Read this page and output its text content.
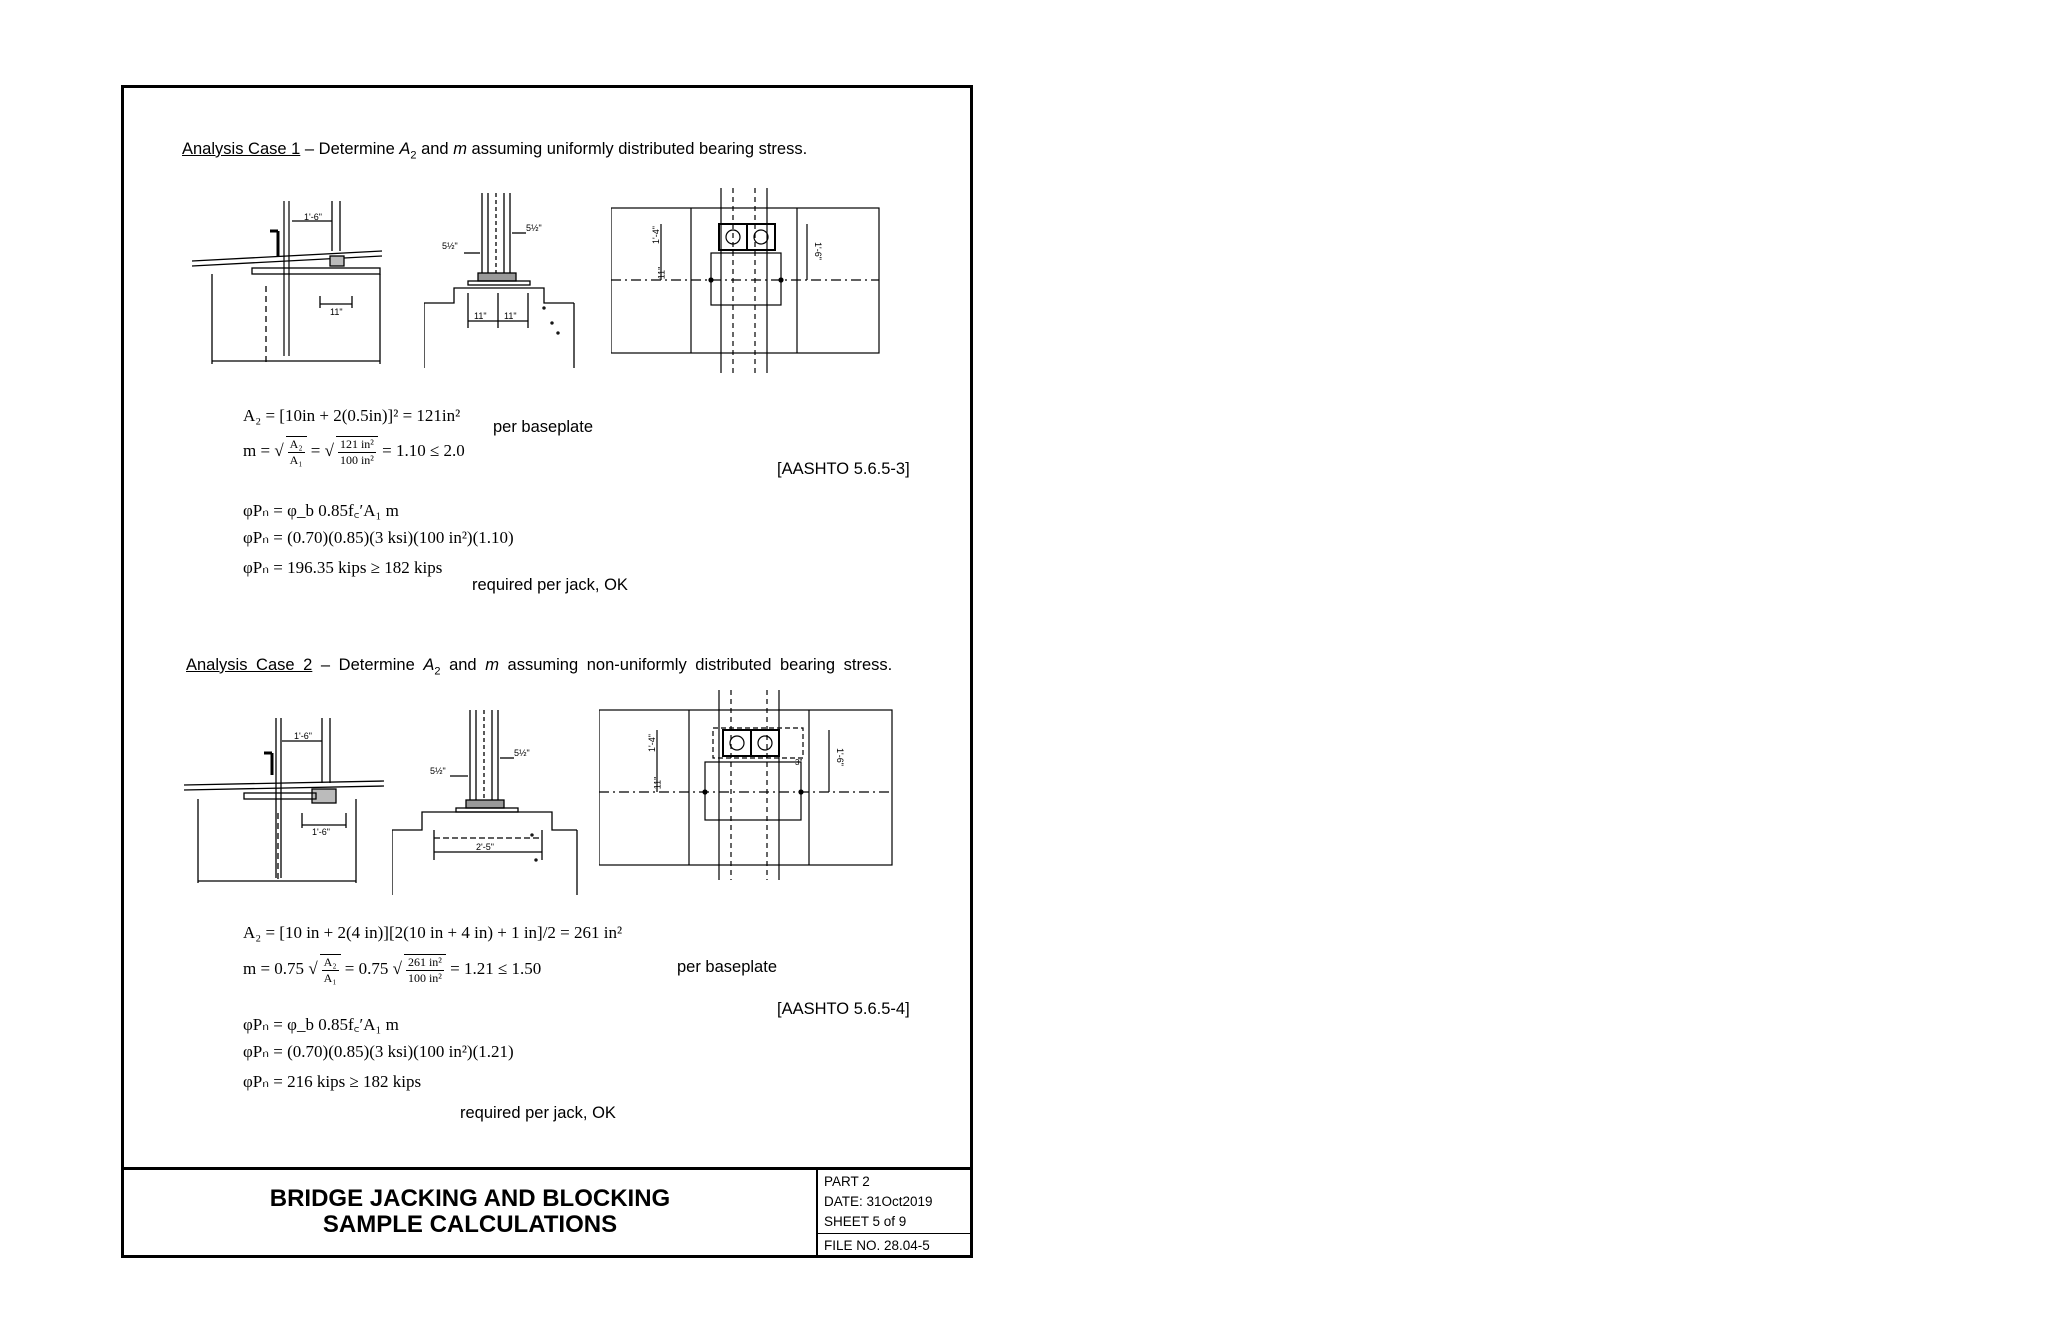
Analysis Case 1 – Determine $A_2$ and m assuming uniformly distributed bearing stress.
1'-6"
11"
5½"
5½"
11" 11"
1'-4"
11"
1'-6"
A₂ = [10in + 2(0.5in)]² = 121in²
per baseplate
m = √ $\frac{\text{A₂}}{\text{A₁}}$ = √ $\frac{\text{121 in²}}{\text{100 in²}} = 1.10 \le 2.0$
[AASHTO 5.6.5-3]
φPₙ = φ_b 0.85f꜀′A₁ m
φPₙ = (0.70)(0.85)(3 ksi)(100 in²)(1.10)
φPₙ = 196.35 kips ≥ 182 kips
required per jack, OK
Analysis Case 2 – Determine $A_2$ and m assuming non-uniformly distributed bearing stress.
1'-6"
1'-6"
5½"
5½"
2'-5"
1'-4"
11"
1'-6"
3"
A₂ = [10 in + 2(4 in)][2(10 in + 4 in) + 1 in]/2 = 261 in²
per baseplate
m = 0.75 √ $\frac{\text{A₂}}{\text{A₁}} = 0.75$ √ $\frac{\text{261 in²}}{\text{100 in²}} = 1.21 \le 1.50$
[AASHTO 5.6.5-4]
φPₙ = φ_b 0.85f꜀′A₁ m
φPₙ = (0.70)(0.85)(3 ksi)(100 in²)(1.21)
φPₙ = 216 kips ≥ 182 kips
required per jack, OK
BRIDGE JACKING AND BLOCKING
SAMPLE CALCULATIONS
PART 2
DATE: 31Oct2019
SHEET 5 of 9
FILE NO. 28.04-5
